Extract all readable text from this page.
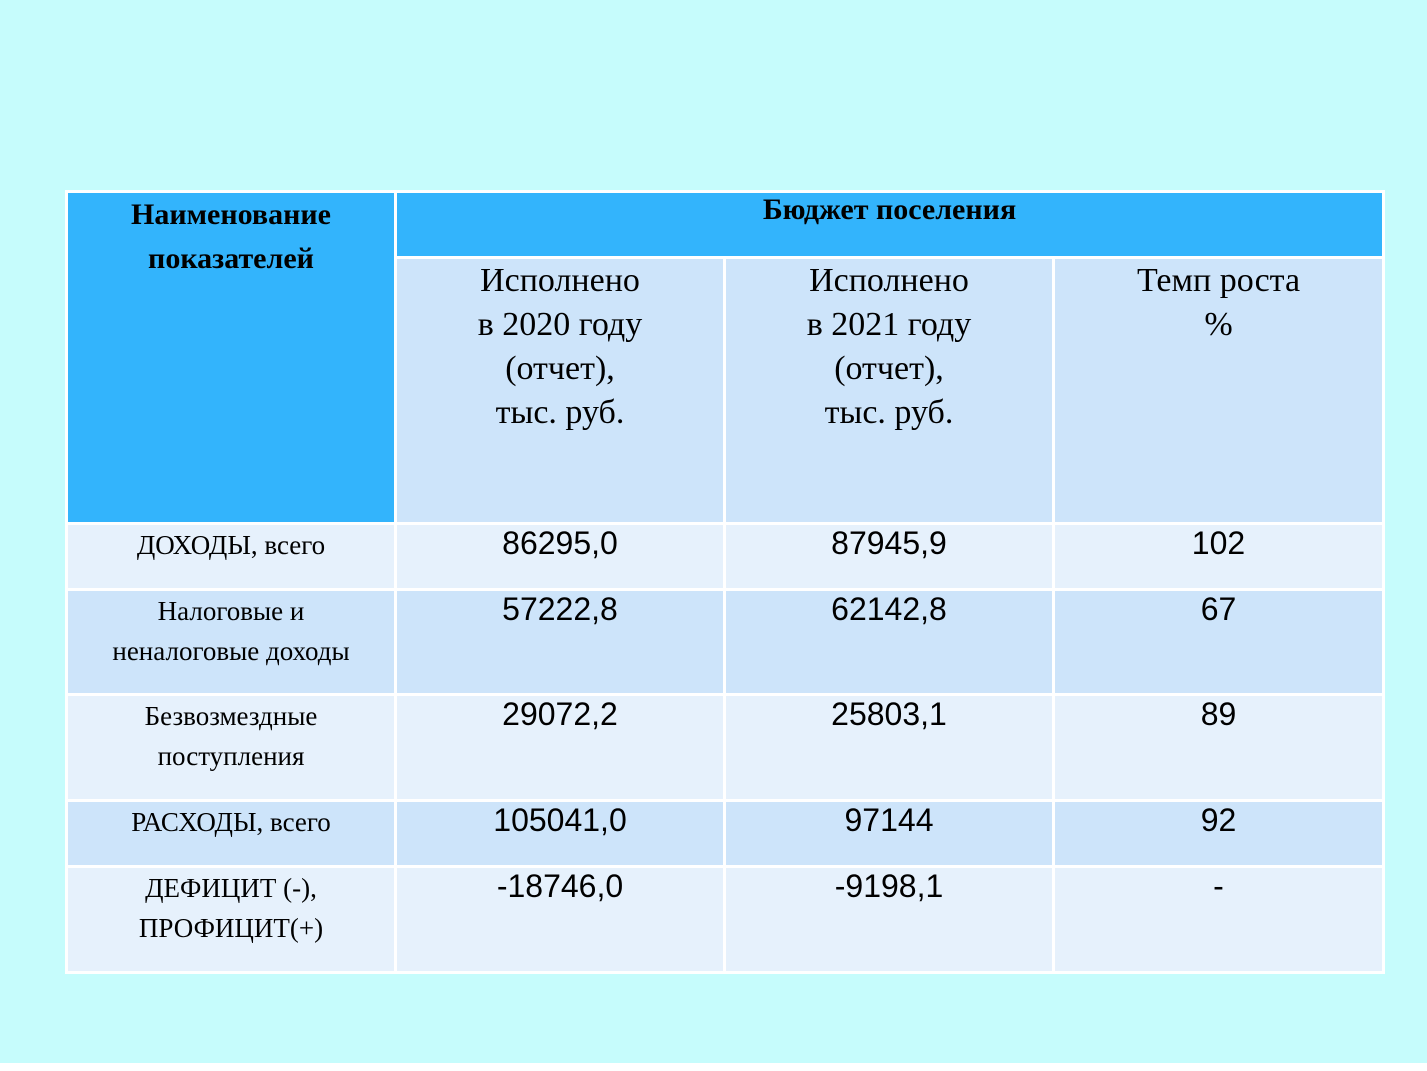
Наименование
показателей	Бюджет поселения		

	Исполнено
в 2020 году
(отчет),
тыс. руб.	Исполнено
в 2021 году
(отчет),
тыс. руб.	Темп роста
%

ДОХОДЫ, всего	86295,0	87945,9	102

Налоговые и
неналоговые доходы	57222,8	62142,8	67

Безвозмездные
поступления	29072,2	25803,1	89

РАСХОДЫ, всего	105041,0	97144	92

ДЕФИЦИТ (-),
ПРОФИЦИТ(+)	-18746,0	-9198,1	-
